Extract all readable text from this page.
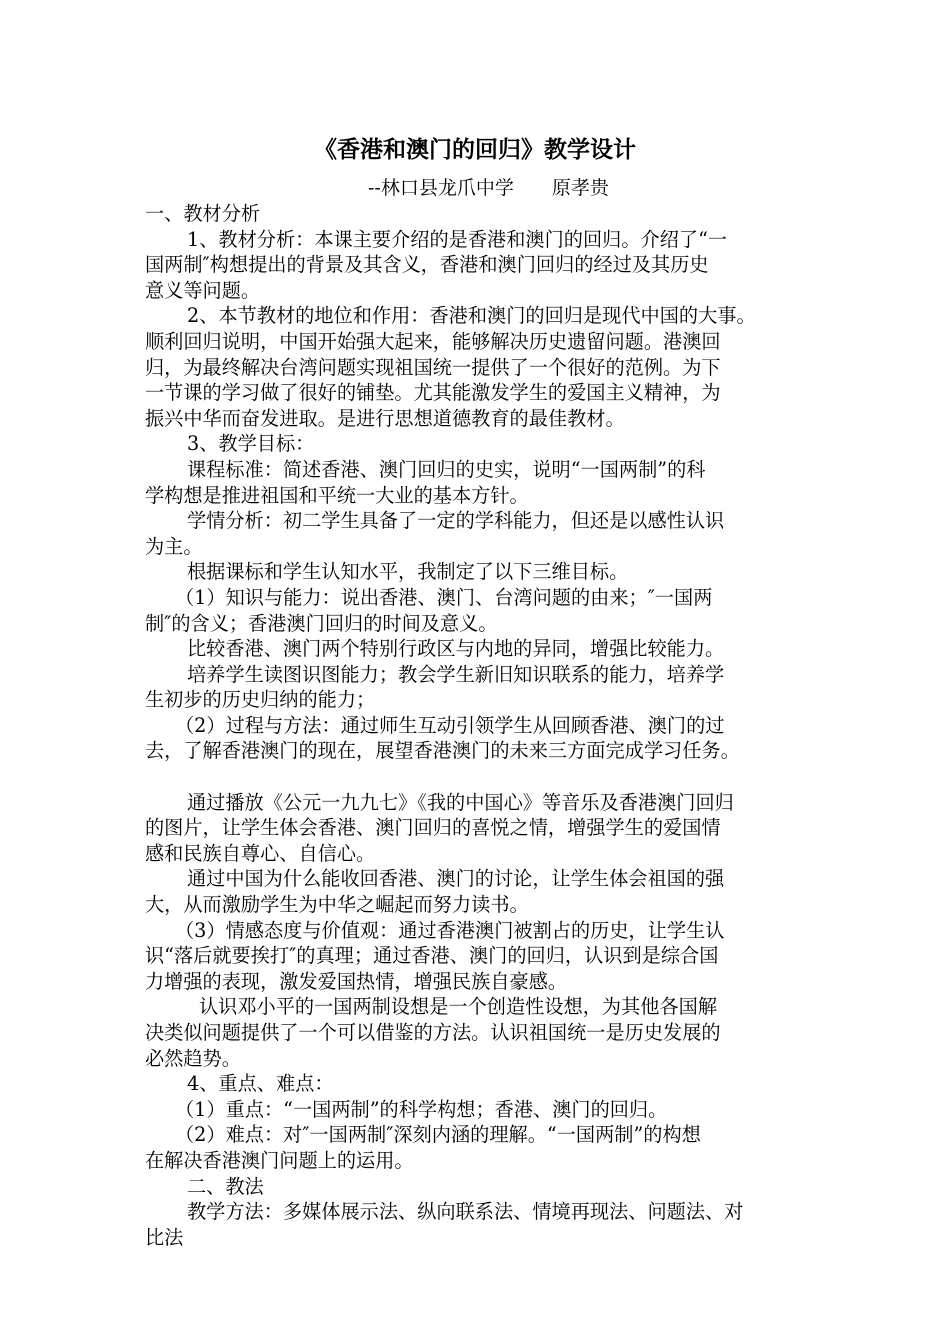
《香港和澳门的回归》教学设计
--林口县龙爪中学 原孝贵
一、教材分析
1、教材分析：本课主要介绍的是香港和澳门的回归。介绍了“一
国两制″构想提出的背景及其含义，香港和澳门回归的经过及其历史
意义等问题。
2、本节教材的地位和作用：香港和澳门的回归是现代中国的大事。
顺利回归说明，中国开始强大起来，能够解决历史遗留问题。港澳回
归，为最终解决台湾问题实现祖国统一提供了一个很好的范例。为下
一节课的学习做了很好的铺垫。尤其能激发学生的爱国主义精神，为
振兴中华而奋发进取。是进行思想道德教育的最佳教材。
3、教学目标：
课程标准：简述香港、澳门回归的史实，说明“一国两制”的科
学构想是推进祖国和平统一大业的基本方针。
学情分析：初二学生具备了一定的学科能力，但还是以感性认识
为主。
根据课标和学生认知水平，我制定了以下三维目标。
（1）知识与能力：说出香港、澳门、台湾问题的由来；″一国两
制″的含义；香港澳门回归的时间及意义。
比较香港、澳门两个特别行政区与内地的异同，增强比较能力。
培养学生读图识图能力；教会学生新旧知识联系的能力，培养学
生初步的历史归纳的能力；
（2）过程与方法：通过师生互动引领学生从回顾香港、澳门的过
去，了解香港澳门的现在，展望香港澳门的未来三方面完成学习任务。
通过播放《公元一九九七》《我的中国心》等音乐及香港澳门回归
的图片，让学生体会香港、澳门回归的喜悦之情，增强学生的爱国情
感和民族自尊心、自信心。
通过中国为什么能收回香港、澳门的讨论，让学生体会祖国的强
大，从而激励学生为中华之崛起而努力读书。
（3）情感态度与价值观：通过香港澳门被割占的历史，让学生认
识“落后就要挨打″的真理；通过香港、澳门的回归，认识到是综合国
力增强的表现，激发爱国热情，增强民族自豪感。
认识邓小平的一国两制设想是一个创造性设想，为其他各国解
决类似问题提供了一个可以借鉴的方法。认识祖国统一是历史发展的
必然趋势。
4、重点、难点：
（1）重点：“一国两制”的科学构想；香港、澳门的回归。
（2）难点：对″一国两制″深刻内涵的理解。“一国两制”的构想
在解决香港澳门问题上的运用。
二、教法
教学方法：多媒体展示法、纵向联系法、情境再现法、问题法、对
比法
